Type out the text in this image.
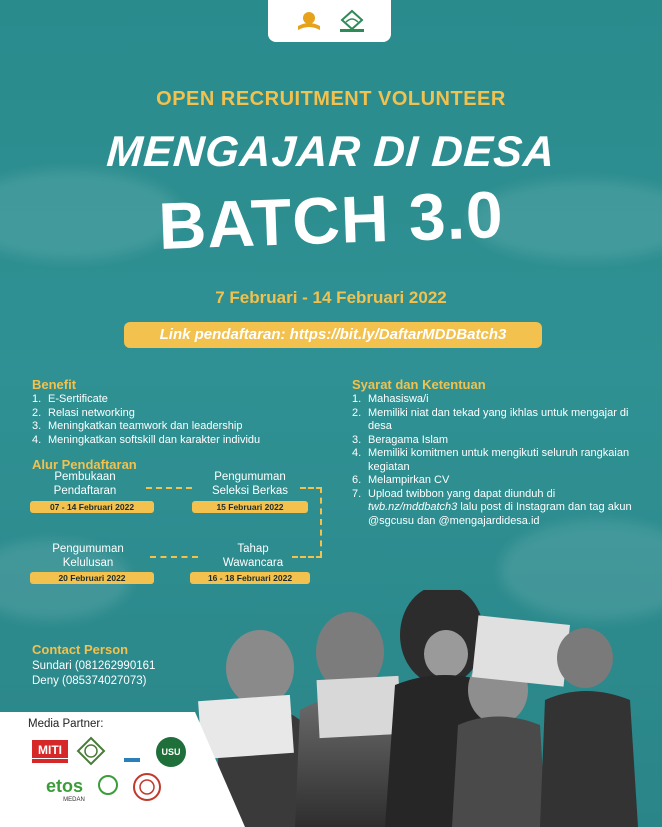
OPEN RECRUITMENT VOLUNTEER
MENGAJAR DI DESA
BATCH 3.0
7 Februari - 14 Februari 2022
Link pendaftaran: https://bit.ly/DaftarMDDBatch3
Benefit
1. E-Sertificate
2. Relasi networking
3. Meningkatkan teamwork dan leadership
4. Meningkatkan softskill dan karakter individu
Alur Pendaftaran
Pembukaan
Pendaftaran
07 - 14 Februari 2022
Pengumuman
Seleksi Berkas
15 Februari 2022
Tahap
Wawancara
16 - 18 Februari 2022
Pengumuman
Kelulusan
20 Februari 2022
Syarat dan Ketentuan
1. Mahasiswa/i
2. Memiliki niat dan tekad yang ikhlas untuk mengajar di desa
3. Beragama Islam
4. Memiliki komitmen untuk mengikuti seluruh rangkaian kegiatan
6. Melampirkan CV
7. Upload twibbon yang dapat diunduh di twb.nz/mddbatch3 lalu post di Instagram dan tag akun @sgcusu dan @mengajardidesa.id
Contact Person
Sundari (081262990161
Deny (085374027073)
Media Partner:
MITI	USU
etos
MEDAN
